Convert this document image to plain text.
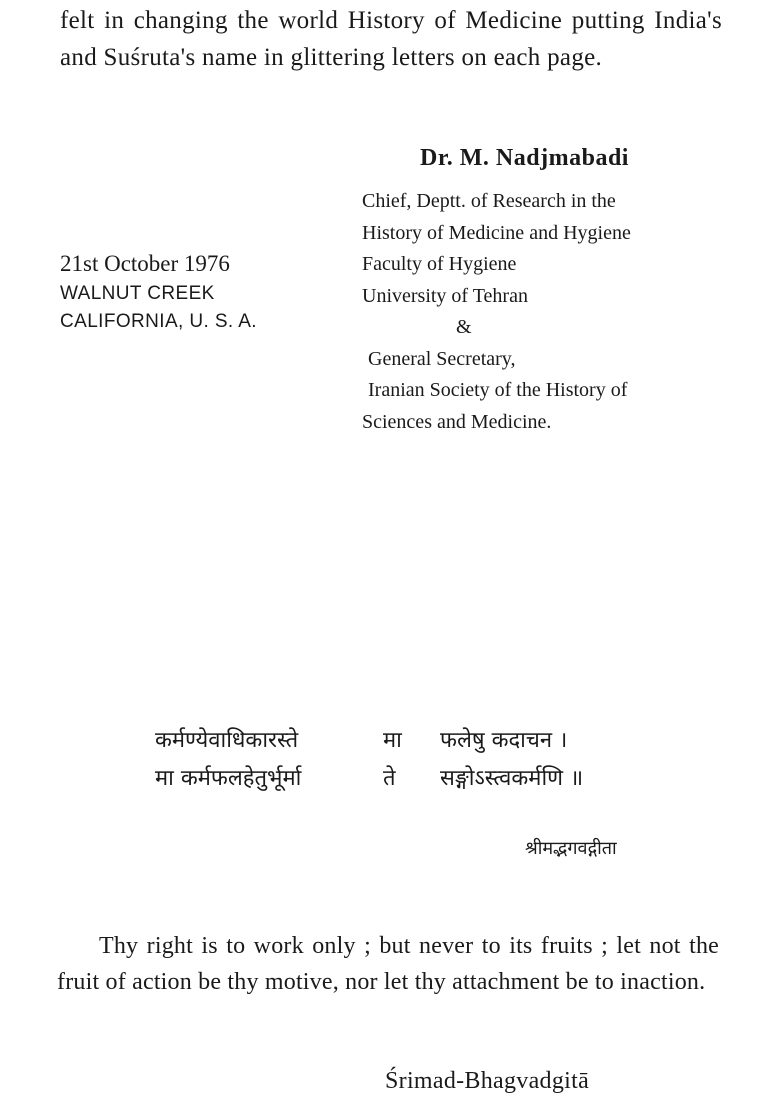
felt in changing the world History of Medicine putting India's and Suśruta's name in glittering letters on each page.

Dr. M. Nadjmabadi
Chief, Deptt. of Research in the
History of Medicine and Hygiene
Faculty of Hygiene
University of Tehran
&
General Secretary,
Iranian Society of the History of
Sciences and Medicine.
21st October 1976
WALNUT CREEK
CALIFORNIA, U. S. A.
कर्मण्येवाधिकारस्ते	मा फलेषु कदाचन ।
मा कर्मफलहेतुर्भूर्मा	ते सङ्गोऽस्त्वकर्मणि ॥
श्रीमद्भगवद्गीता

Thy right is to work only ; but never to its fruits ; let not the fruit of action be thy motive, nor let thy attachment be to inaction.

Śrimad-Bhagvadgitā
